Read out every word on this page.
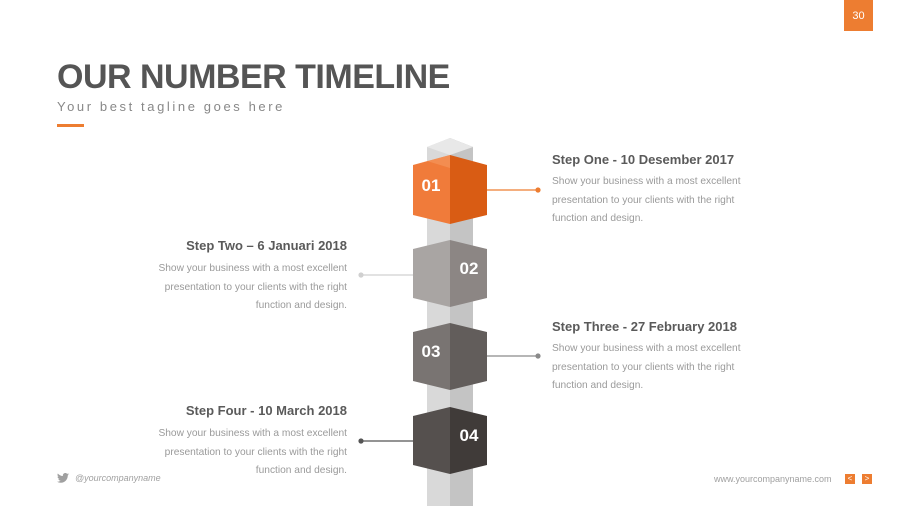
30
OUR NUMBER TIMELINE
Your best tagline goes here
01
02
03
04
Step One - 10 Desember 2017
Show your business with a most excellent presentation to your clients with the right function and design.
Step Two – 6 Januari 2018
Show your business with a most excellent presentation to your clients with the right function and design.
Step Three - 27 February 2018
Show your business with a most excellent presentation to your clients with the right function and design.
Step Four - 10 March 2018
Show your business with a most excellent presentation to your clients with the right function and design.
@yourcompanyname	www.yourcompanyname.com	<	>
